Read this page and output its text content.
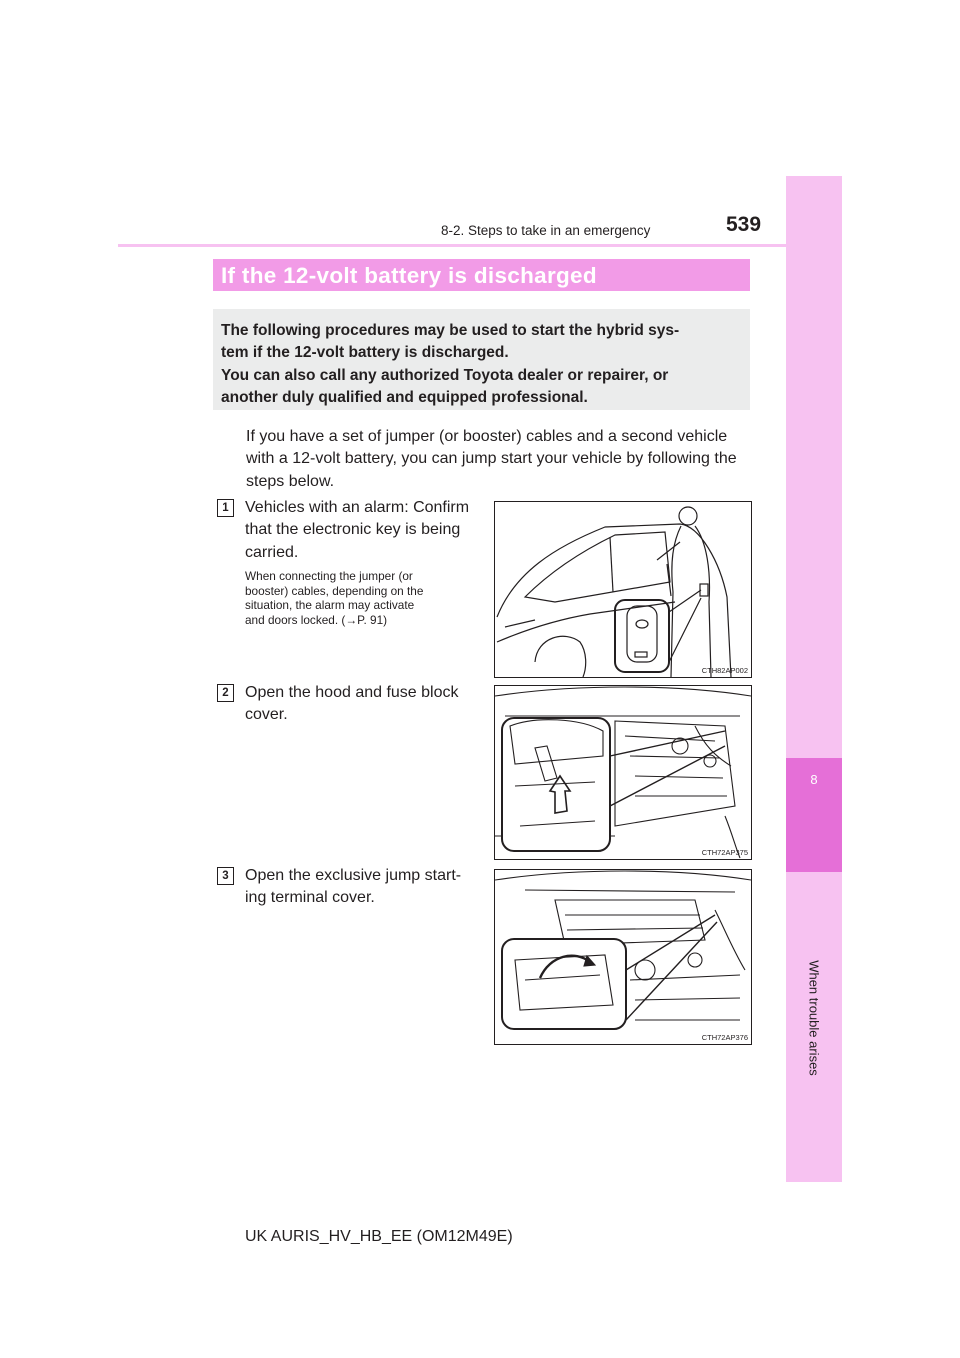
8
When trouble arises
8-2. Steps to take in an emergency	539
If the 12-volt battery is discharged
The following procedures may be used to start the hybrid sys-
tem if the 12-volt battery is discharged.
You can also call any authorized Toyota dealer or repairer, or
another duly qualified and equipped professional.
If you have a set of jumper (or booster) cables and a second vehicle
with a 12-volt battery, you can jump start your vehicle by following the
steps below.
1	Vehicles with an alarm: Confirm
that the electronic key is being
carried.
When connecting the jumper (or
booster) cables, depending on the
situation, the alarm may activate
and doors locked. (→P. 91)
CTH82AP002
2	Open the hood and fuse block
cover.
CTH72AP375
3	Open the exclusive jump start-
ing terminal cover.
CTH72AP376
UK AURIS_HV_HB_EE (OM12M49E)
